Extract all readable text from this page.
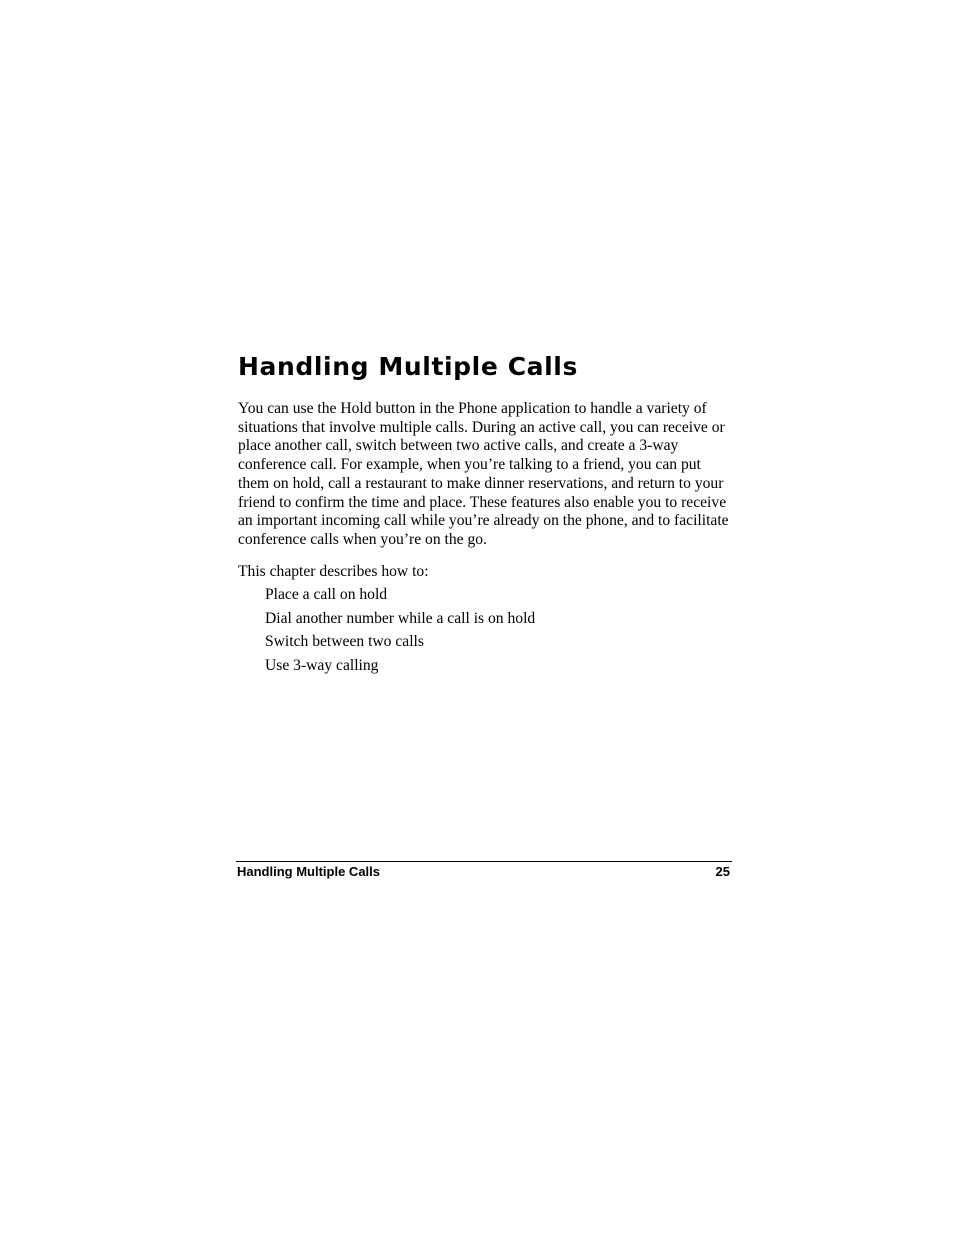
Handling Multiple Calls

You can use the Hold button in the Phone application to handle a variety of situations that involve multiple calls. During an active call, you can receive or place another call, switch between two active calls, and create a 3-way conference call. For example, when you’re talking to a friend, you can put them on hold, call a restaurant to make dinner reservations, and return to your friend to confirm the time and place. These features also enable you to receive an important incoming call while you’re already on the phone, and to facilitate conference calls when you’re on the go.

This chapter describes how to:

Place a call on hold
Dial another number while a call is on hold
Switch between two calls
Use 3-way calling
Handling Multiple Calls	25
